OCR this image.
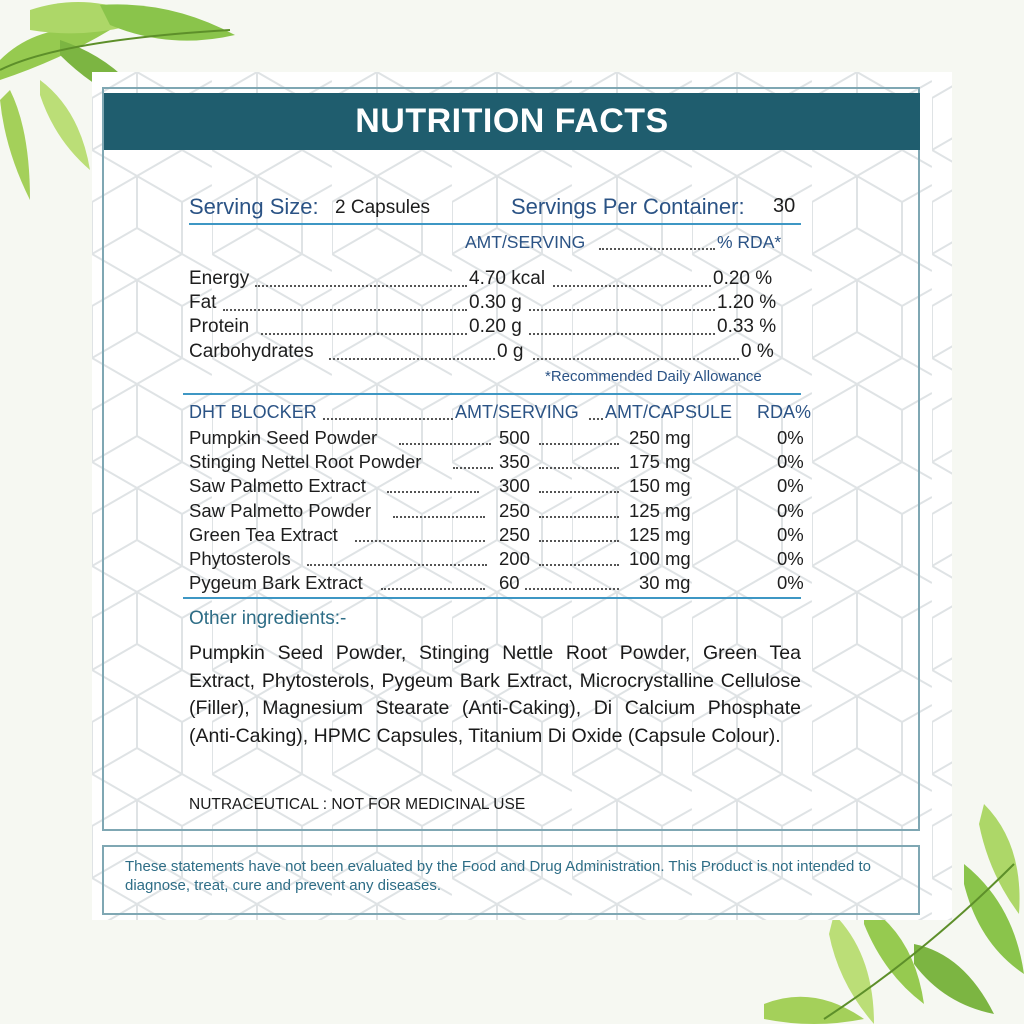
NUTRITION FACTS
Serving Size: 2 Capsules	Servings Per Container: 30
AMT/SERVING	% RDA*
Energy	4.70 kcal	0.20 %
Fat	0.30 g	1.20 %
Protein	0.20 g	0.33 %
Carbohydrates	0 g	0 %
*Recommended Daily Allowance
DHT BLOCKER	AMT/SERVING AMT/CAPSULE RDA%
Pumpkin Seed Powder	500	250 mg	0%
Stinging Nettel Root Powder	350	175 mg	0%
Saw Palmetto Extract	300	150 mg	0%
Saw Palmetto Powder	250	125 mg	0%
Green Tea Extract	250	125 mg	0%
Phytosterols	200	100 mg	0%
Pygeum Bark Extract	60	30 mg	0%
Other ingredients:-
Pumpkin Seed Powder, Stinging Nettle Root Powder, Green Tea Extract, Phytosterols, Pygeum Bark Extract, Microcrystalline Cellulose (Filler), Magnesium Stearate (Anti-Caking), Di Calcium Phosphate (Anti-Caking), HPMC Capsules, Titanium Di Oxide (Capsule Colour).
NUTRACEUTICAL : NOT FOR MEDICINAL USE
These statements have not been evaluated by the Food and Drug Administration. This Product is not intended to diagnose, treat, cure and prevent any diseases.
